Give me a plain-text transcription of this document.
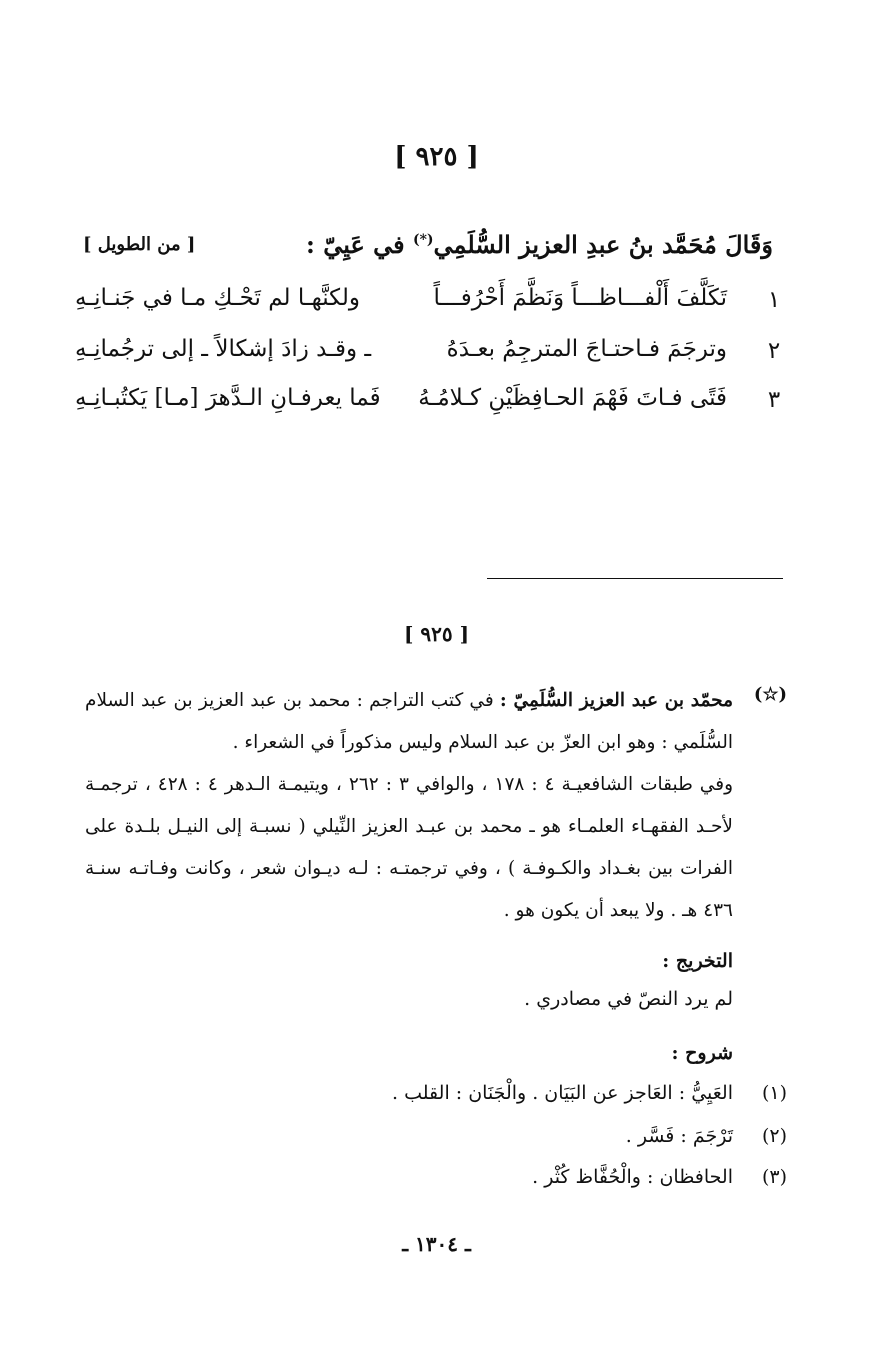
[ ٩٢٥ ]
وَقَالَ مُحَمَّد بنُ عبدِ العزيز السُّلَمِي(*) في عَيِيّ :
[ من الطويل ]
١
تَكَلَّفَ أَلْفـــاظـــاً وَنَظَّمَ أَحْرُفـــاً
ولكنَّهـا لم تَحْـكِ مـا في جَنـانِـهِ
٢
وترجَمَ فـاحتـاجَ المترجِمُ بعـدَهُ
ـ وقـد زادَ إشكالاً ـ إلى ترجُمانِـهِ
٣
فَتًى فـاتَ فَهْمَ الحـافِظَيْنِ كـلامُـهُ
فَما يعرفـانِ الـدَّهرَ [مـا] يَكتُبـانِـهِ
[ ٩٢٥ ]
(☆)
محمّد بن عبد العزيز السُّلَمِيّ : في كتب التراجم : محمد بن عبد العزيز بن عبد السلام السُّلَمي : وهو ابن العزّ بن عبد السلام وليس مذكوراً في الشعراء .
وفي طبقات الشافعيـة ٤ : ١٧٨ ، والوافي ٣ : ٢٦٢ ، ويتيمـة الـدهر ٤ : ٤٢٨ ، ترجمـة لأحـد الفقهـاء العلمـاء هو ـ محمد بن عبـد العزيز النِّيلي ( نسبـة إلى النيـل بلـدة على الفرات بين بغـداد والكـوفـة ) ، وفي ترجمتـه : لـه ديـوان شعر ، وكانت وفـاتـه سنـة ٤٣٦ هـ . ولا يبعد أن يكون هو .
التخريج :
لم يرد النصّ في مصادري .
شروح :
(١)
العَيِيُّ : العَاجز عن البَيَان . والْجَنَان : القلب .
(٢)
تَرْجَمَ : فَسَّر .
(٣)
الحافظان : والْحُفَّاظ كُثْر .
ـ ١٣٠٤ ـ
